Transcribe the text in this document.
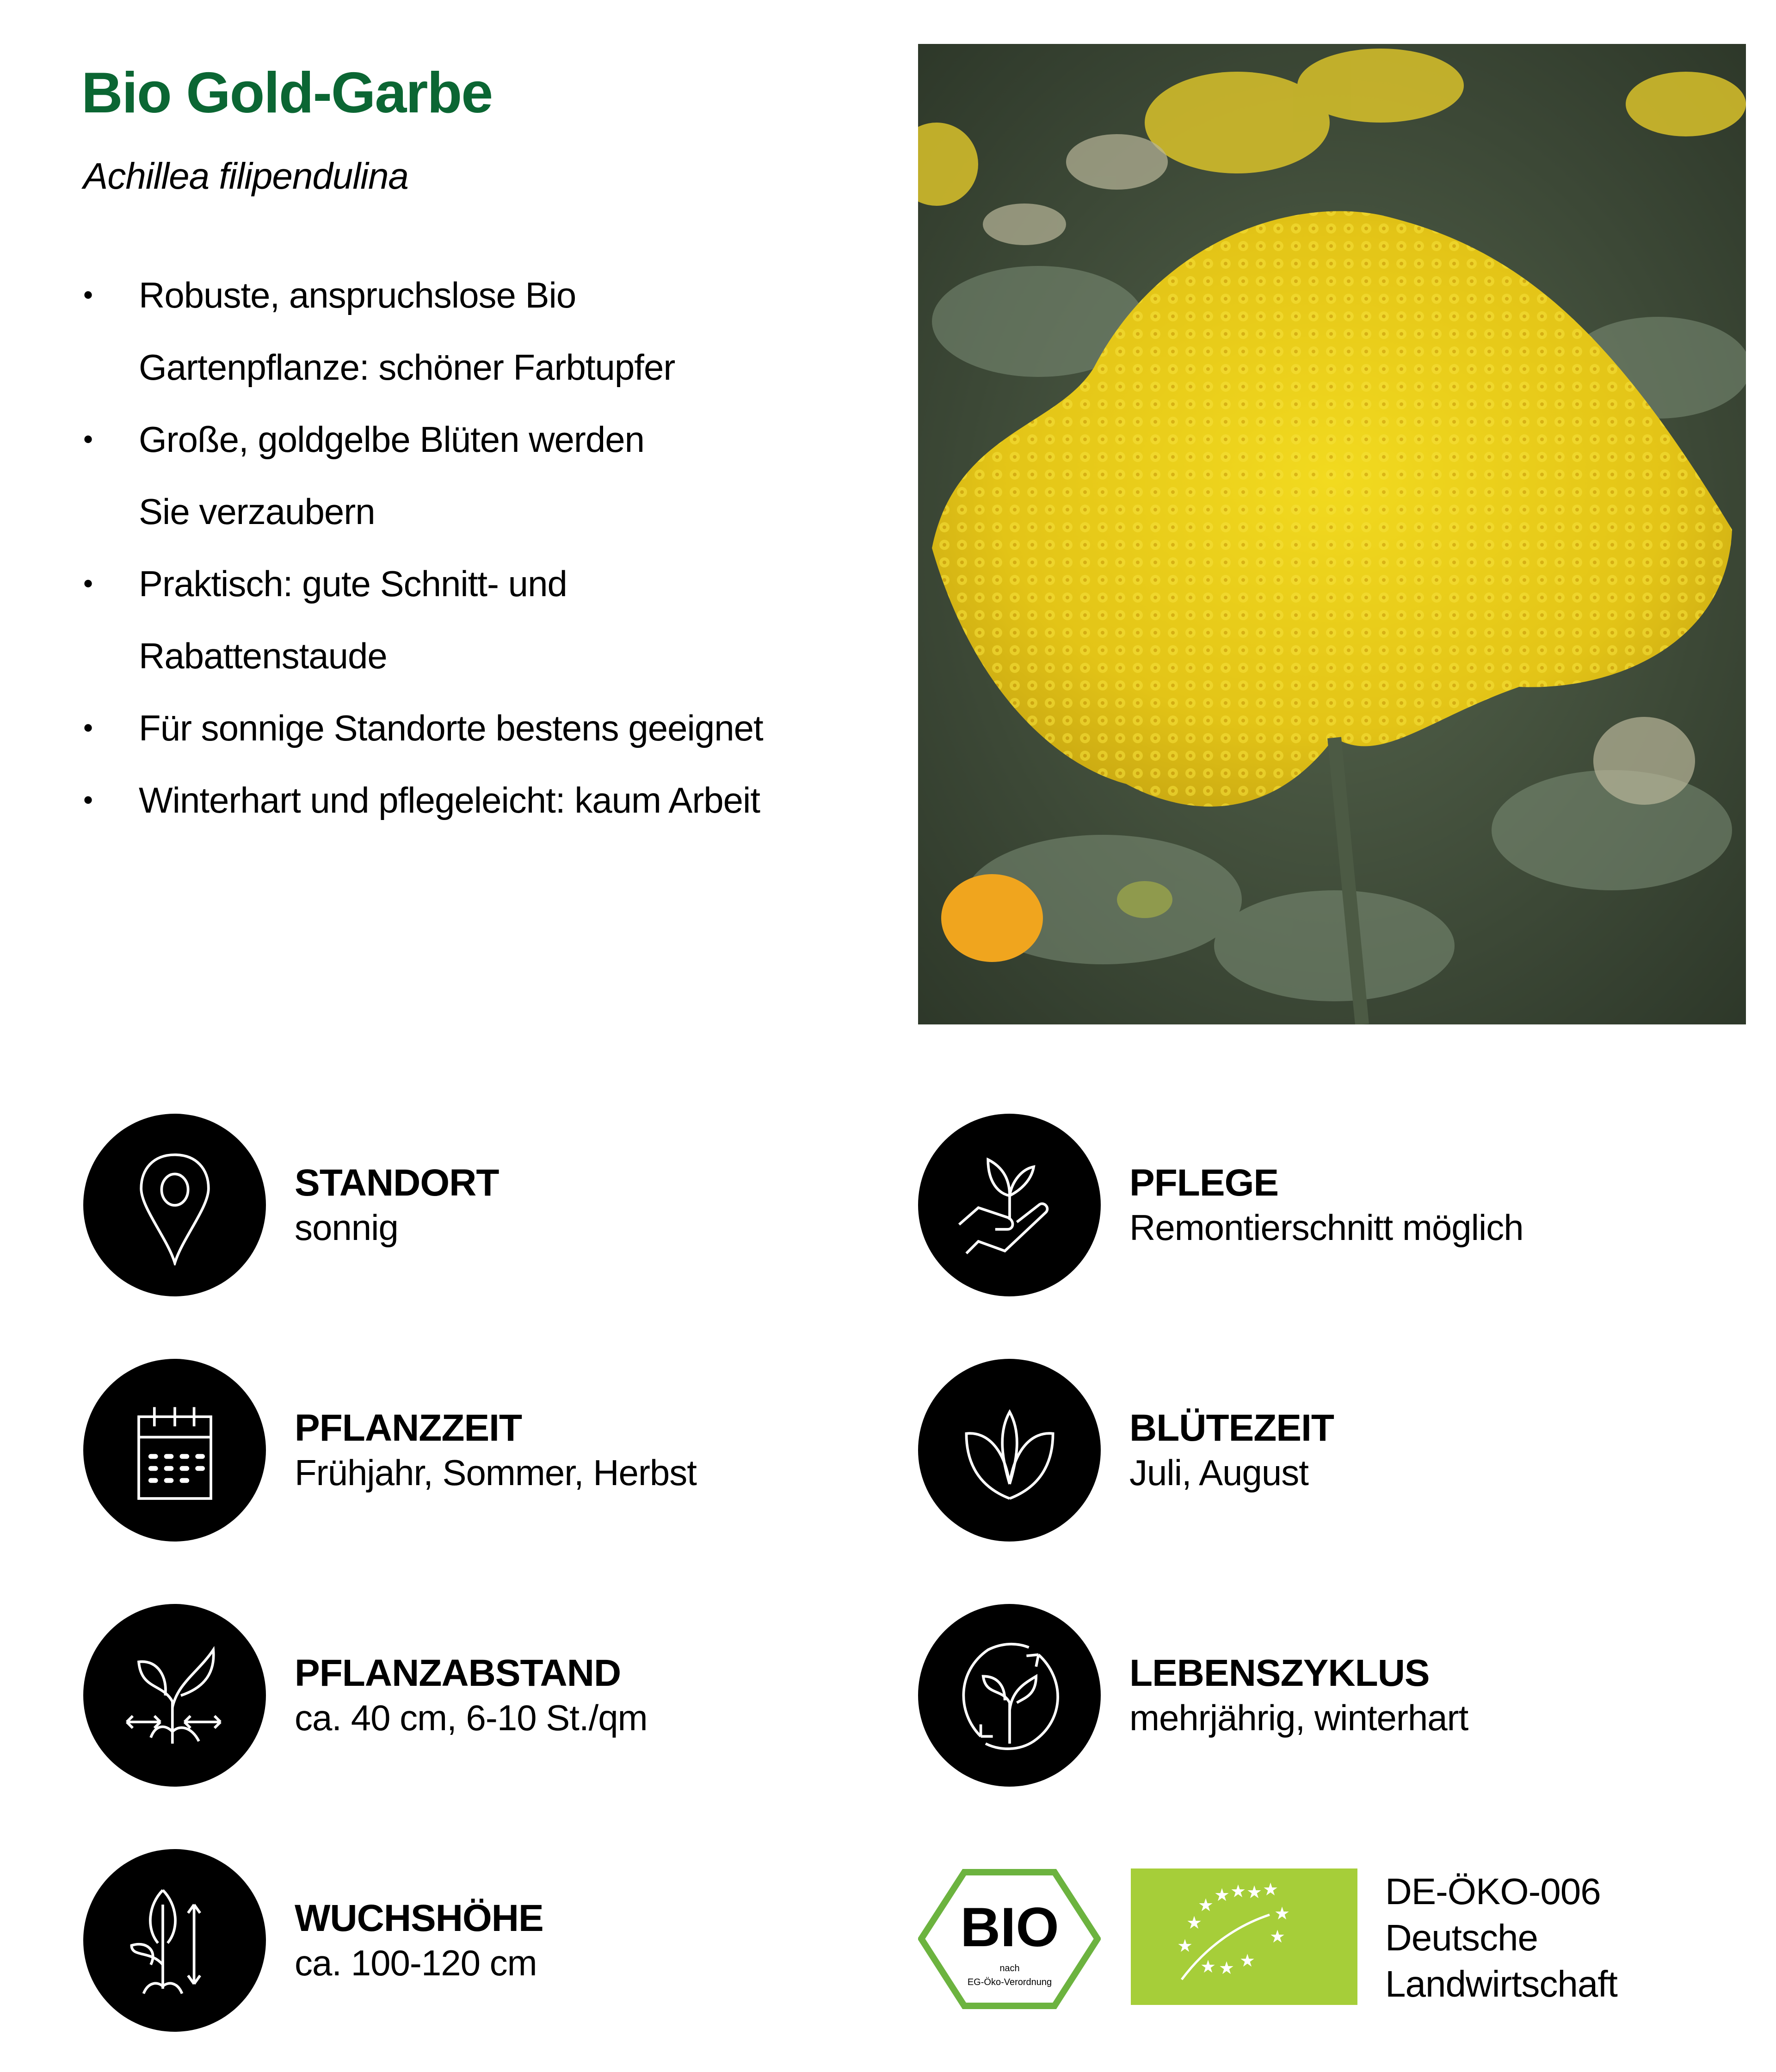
Bio Gold-Garbe
Achillea filipendulina
• Robuste, anspruchslose Bio
Gartenpflanze: schöner Farbtupfer
• Große, goldgelbe Blüten werden
Sie verzaubern
• Praktisch: gute Schnitt- und
Rabattenstaude
• Für sonnige Standorte bestens geeignet
• Winterhart und pflegeleicht: kaum Arbeit
STANDORT
sonnig
PFLANZZEIT
Frühjahr, Sommer, Herbst
PFLANZABSTAND
ca. 40 cm, 6-10 St./qm
WUCHSHÖHE
ca. 100-120 cm
PFLEGE
Remontierschnitt möglich
BLÜTEZEIT
Juli, August
LEBENSZYKLUS
mehrjährig, winterhart
BIO
nach
EG-Öko-Verordnung
★ ★ ★ ★ ★
★	★
★	★
★ ★ ★
DE-ÖKO-006
Deutsche
Landwirtschaft
